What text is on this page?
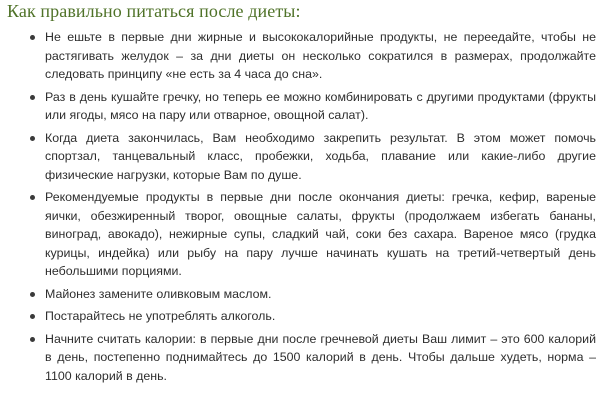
Как правильно питаться после диеты:
Не ешьте в первые дни жирные и высококалорийные продукты, не переедайте, чтобы не растягивать желудок – за дни диеты он несколько сократился в размерах, продолжайте следовать принципу «не есть за 4 часа до сна».
Раз в день кушайте гречку, но теперь ее можно комбинировать с другими продуктами (фрукты или ягоды, мясо на пару или отварное, овощной салат).
Когда диета закончилась, Вам необходимо закрепить результат. В этом может помочь спортзал, танцевальный класс, пробежки, ходьба, плавание или какие-либо другие физические нагрузки, которые Вам по душе.
Рекомендуемые продукты в первые дни после окончания диеты: гречка, кефир, вареные яички, обезжиренный творог, овощные салаты, фрукты (продолжаем избегать бананы, виноград, авокадо), нежирные супы, сладкий чай, соки без сахара. Вареное мясо (грудка курицы, индейка) или рыбу на пару лучше начинать кушать на третий-четвертый день небольшими порциями.
Майонез замените оливковым маслом.
Постарайтесь не употреблять алкоголь.
Начните считать калории: в первые дни после гречневой диеты Ваш лимит – это 600 калорий в день, постепенно поднимайтесь до 1500 калорий в день. Чтобы дальше худеть, норма – 1100 калорий в день.
